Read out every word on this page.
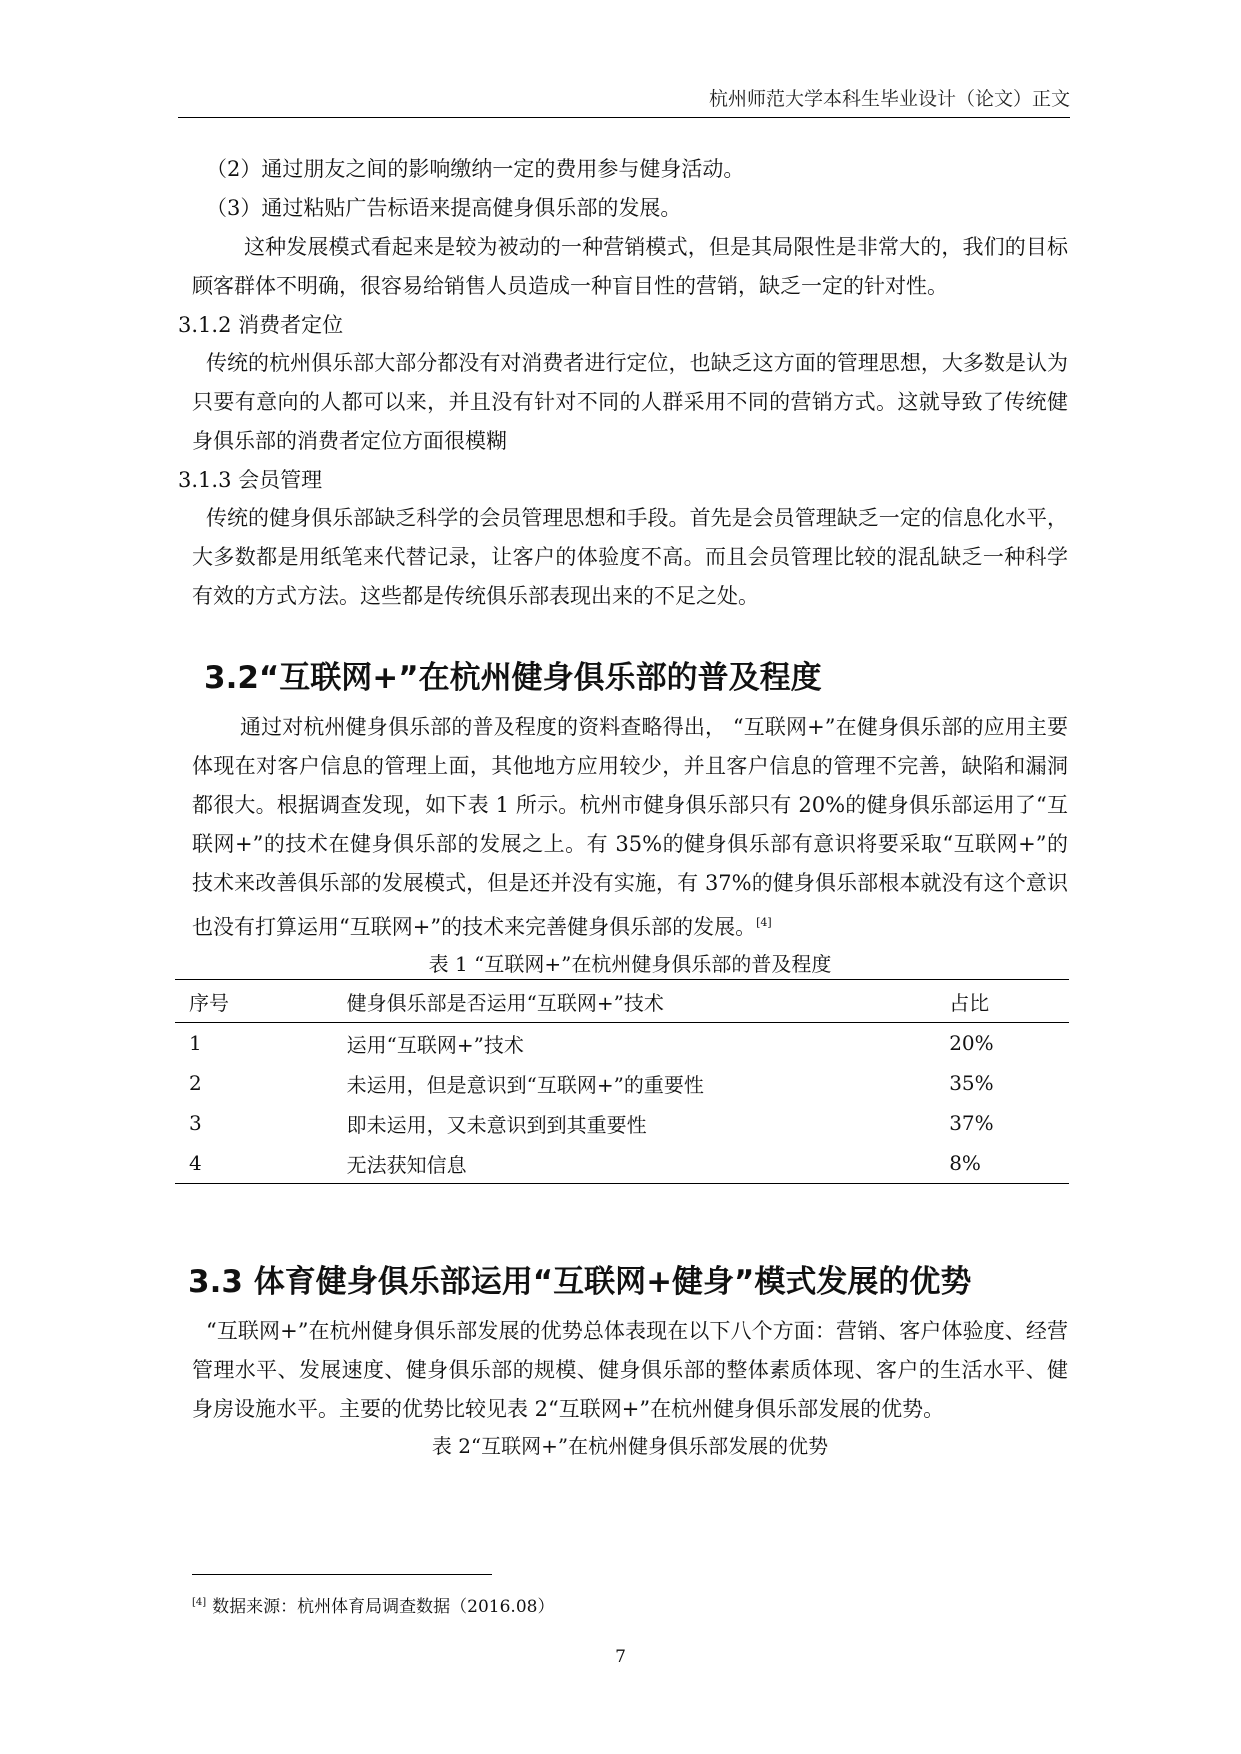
杭州师范大学本科生毕业设计（论文）正文

（2）通过朋友之间的影响缴纳一定的费用参与健身活动。

（3）通过粘贴广告标语来提高健身俱乐部的发展。

这种发展模式看起来是较为被动的一种营销模式，但是其局限性是非常大的，我们的目标顾客群体不明确，很容易给销售人员造成一种盲目性的营销，缺乏一定的针对性。

3.1.2 消费者定位

传统的杭州俱乐部大部分都没有对消费者进行定位，也缺乏这方面的管理思想，大多数是认为只要有意向的人都可以来，并且没有针对不同的人群采用不同的营销方式。这就导致了传统健身俱乐部的消费者定位方面很模糊

3.1.3 会员管理

传统的健身俱乐部缺乏科学的会员管理思想和手段。首先是会员管理缺乏一定的信息化水平，大多数都是用纸笔来代替记录，让客户的体验度不高。而且会员管理比较的混乱缺乏一种科学有效的方式方法。这些都是传统俱乐部表现出来的不足之处。

3.2“互联网+”在杭州健身俱乐部的普及程度

通过对杭州健身俱乐部的普及程度的资料查略得出， “互联网+”在健身俱乐部的应用主要体现在对客户信息的管理上面，其他地方应用较少，并且客户信息的管理不完善，缺陷和漏洞都很大。根据调查发现，如下表 1 所示。杭州市健身俱乐部只有 20%的健身俱乐部运用了“互联网+”的技术在健身俱乐部的发展之上。有 35%的健身俱乐部有意识将要采取“互联网+”的技术来改善俱乐部的发展模式，但是还并没有实施，有 37%的健身俱乐部根本就没有这个意识也没有打算运用“互联网+”的技术来完善健身俱乐部的发展。[4]

表 1 “互联网+”在杭州健身俱乐部的普及程度

序号	健身俱乐部是否运用“互联网+”技术	占比
1	运用“互联网+”技术	20%
2	未运用，但是意识到“互联网+”的重要性	35%
3	即未运用，又未意识到到其重要性	37%
4	无法获知信息	8%
3.3 体育健身俱乐部运用“互联网+健身”模式发展的优势

“互联网+”在杭州健身俱乐部发展的优势总体表现在以下八个方面：营销、客户体验度、经营管理水平、发展速度、健身俱乐部的规模、健身俱乐部的整体素质体现、客户的生活水平、健身房设施水平。主要的优势比较见表 2“互联网+”在杭州健身俱乐部发展的优势。

表 2“互联网+”在杭州健身俱乐部发展的优势

[4] 数据来源：杭州体育局调查数据（2016.08）
7
